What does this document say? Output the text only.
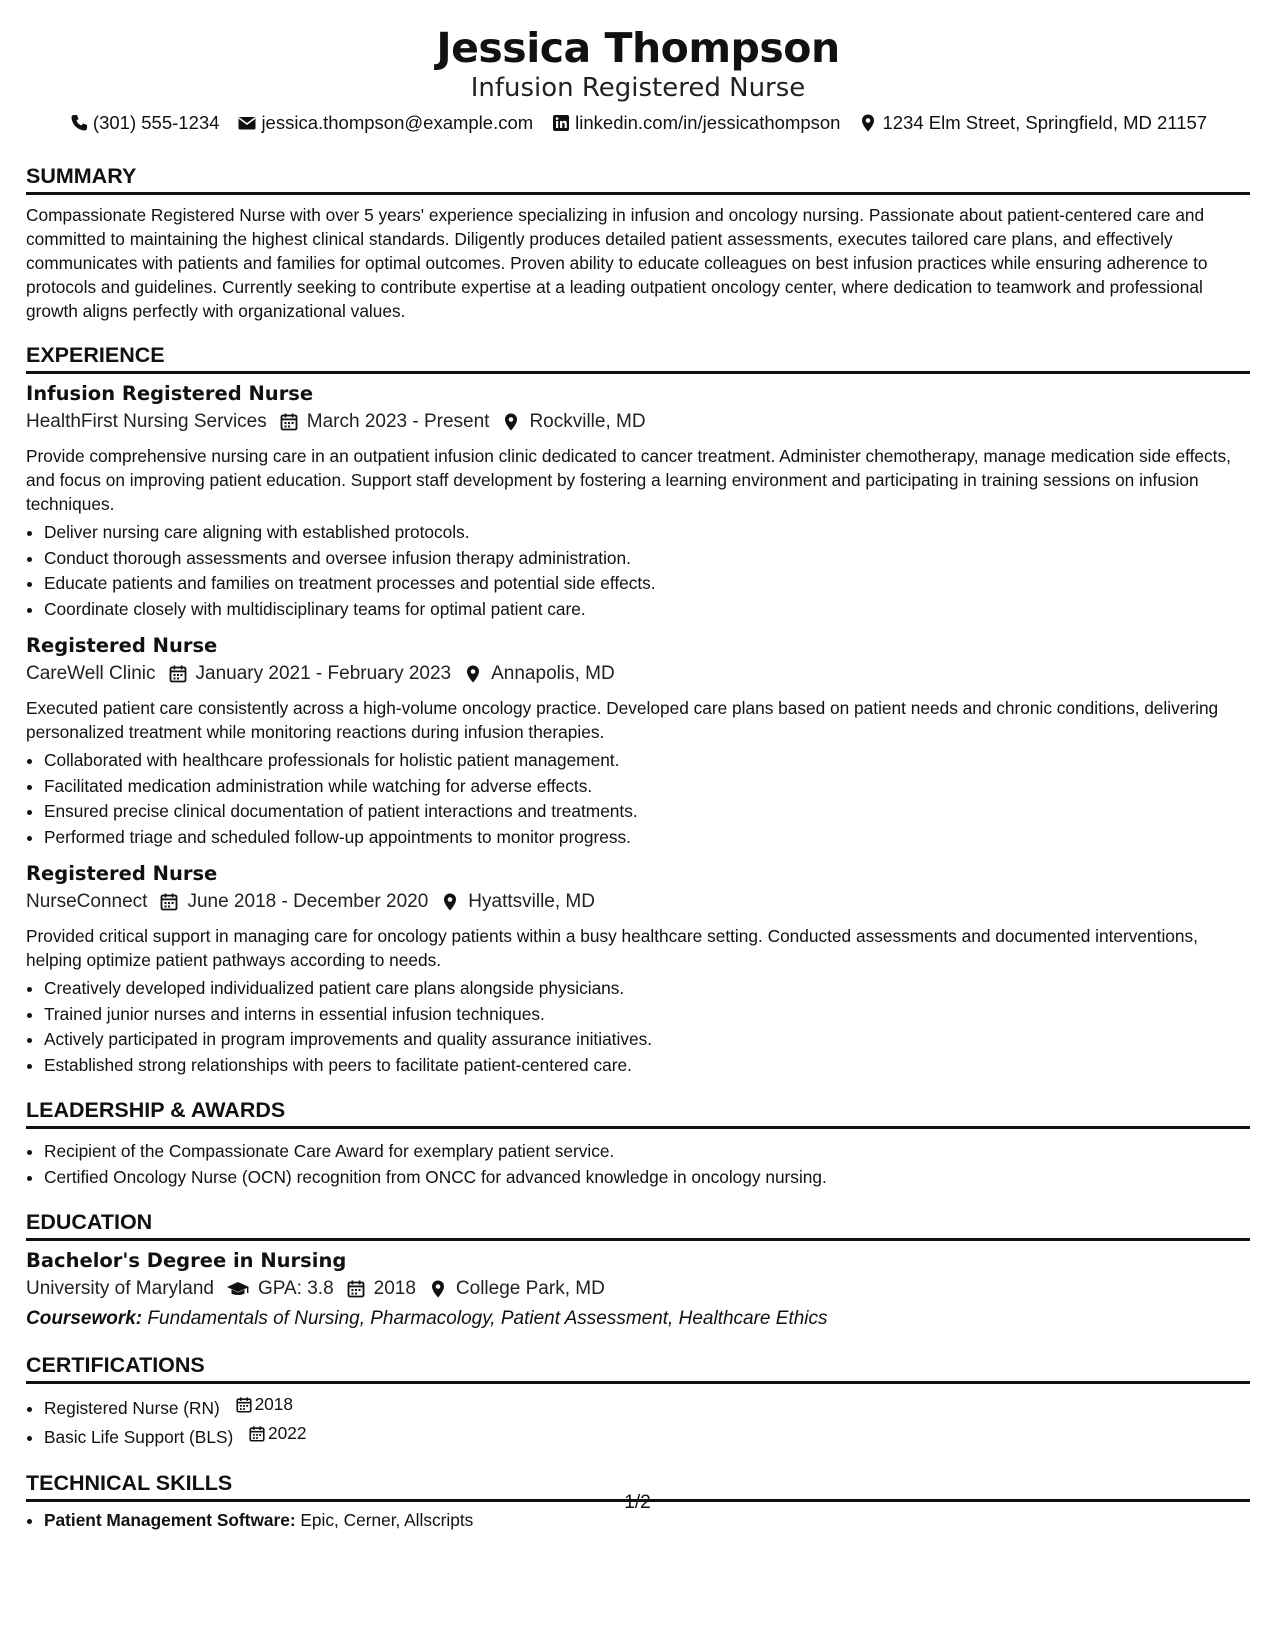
Jessica Thompson
Infusion Registered Nurse
(301) 555-1234 jessica.thompson@example.com linkedin.com/in/jessicathompson 1234 Elm Street, Springfield, MD 21157
SUMMARY
Compassionate Registered Nurse with over 5 years' experience specializing in infusion and oncology nursing. Passionate about patient-centered care and committed to maintaining the highest clinical standards. Diligently produces detailed patient assessments, executes tailored care plans, and effectively communicates with patients and families for optimal outcomes. Proven ability to educate colleagues on best infusion practices while ensuring adherence to protocols and guidelines. Currently seeking to contribute expertise at a leading outpatient oncology center, where dedication to teamwork and professional growth aligns perfectly with organizational values.
EXPERIENCE
Infusion Registered Nurse
HealthFirst Nursing Services March 2023 - Present Rockville, MD
Provide comprehensive nursing care in an outpatient infusion clinic dedicated to cancer treatment. Administer chemotherapy, manage medication side effects, and focus on improving patient education. Support staff development by fostering a learning environment and participating in training sessions on infusion techniques.
• Deliver nursing care aligning with established protocols.
• Conduct thorough assessments and oversee infusion therapy administration.
• Educate patients and families on treatment processes and potential side effects.
• Coordinate closely with multidisciplinary teams for optimal patient care.
Registered Nurse
CareWell Clinic January 2021 - February 2023 Annapolis, MD
Executed patient care consistently across a high-volume oncology practice. Developed care plans based on patient needs and chronic conditions, delivering personalized treatment while monitoring reactions during infusion therapies.
• Collaborated with healthcare professionals for holistic patient management.
• Facilitated medication administration while watching for adverse effects.
• Ensured precise clinical documentation of patient interactions and treatments.
• Performed triage and scheduled follow-up appointments to monitor progress.
Registered Nurse
NurseConnect June 2018 - December 2020 Hyattsville, MD
Provided critical support in managing care for oncology patients within a busy healthcare setting. Conducted assessments and documented interventions, helping optimize patient pathways according to needs.
• Creatively developed individualized patient care plans alongside physicians.
• Trained junior nurses and interns in essential infusion techniques.
• Actively participated in program improvements and quality assurance initiatives.
• Established strong relationships with peers to facilitate patient-centered care.
LEADERSHIP & AWARDS
• Recipient of the Compassionate Care Award for exemplary patient service.
• Certified Oncology Nurse (OCN) recognition from ONCC for advanced knowledge in oncology nursing.
EDUCATION
Bachelor's Degree in Nursing
University of Maryland GPA: 3.8 2018 College Park, MD
Coursework: Fundamentals of Nursing, Pharmacology, Patient Assessment, Healthcare Ethics
CERTIFICATIONS
• Registered Nurse (RN) 2018
• Basic Life Support (BLS) 2022
TECHNICAL SKILLS
• Patient Management Software: Epic, Cerner, Allscripts
1/2
